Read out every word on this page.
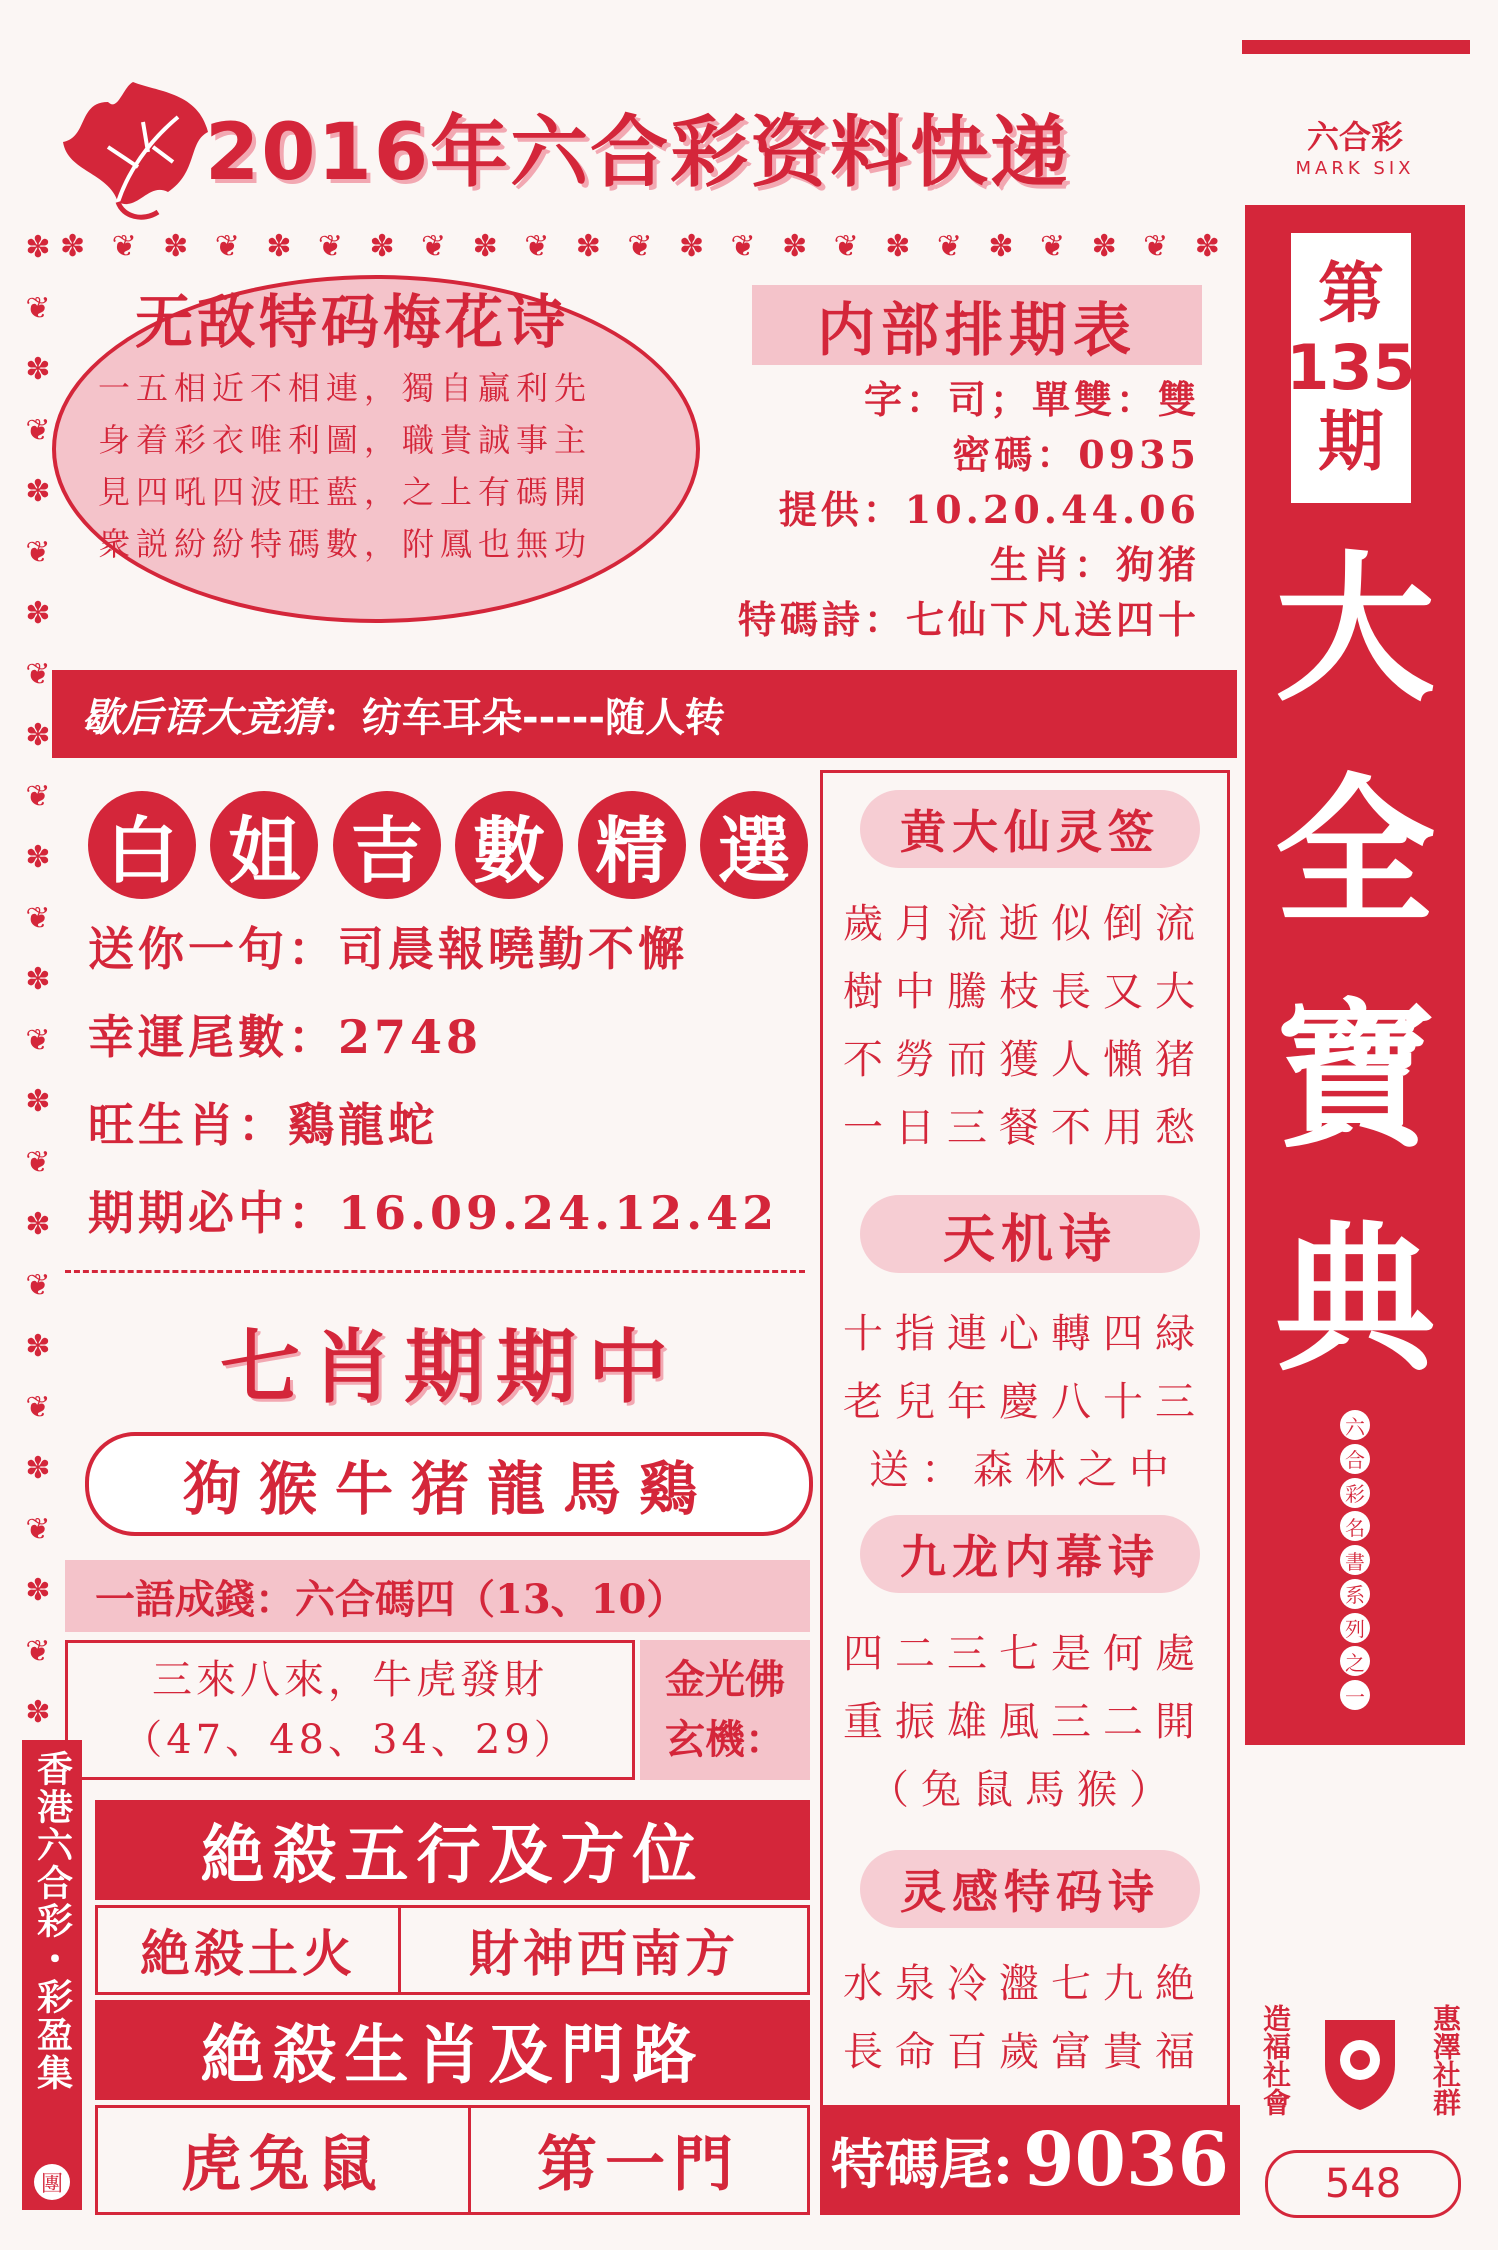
2016年六合彩资料快递	六合彩
MARK SIX
第
135
期
大
全
寶
典
六
合
彩
名
書
系
列
之
一
造福社會	惠澤社群
548
✽ ❦ ✽ ❦ ✽ ❦ ✽ ❦ ✽ ❦ ✽ ❦ ✽ ❦ ✽ ❦ ✽ ❦ ✽ ❦ ✽ ❦ ✽
✽
❦
✽
❦
✽
❦
✽
❦
✽
❦
✽
❦
✽
❦
✽
❦
✽
❦
✽
❦
✽
❦
✽
❦
✽
无敌特码梅花诗
一五相近不相連，獨自贏利先
身着彩衣唯利圖，職貴誠事主
見四吼四波旺藍，之上有碼開
衆説紛紛特碼數，附鳳也無功
内部排期表
字：司；單雙：雙
密碼：0935
提供：10.20.44.06
生肖：狗猪
特碼詩：七仙下凡送四十
歇后语大竞猜 ：纺车耳朵-----随人转
白 姐 吉 數 精 選
送你一句：司晨報曉勤不懈
幸運尾數：2748
旺生肖：鷄龍蛇
期期必中：16.09.24.12.42
七肖期期中
狗猴牛猪龍馬鷄
一語成錢：六合碼四（13、10）
三來八來，牛虎發財
（47、48、34、29）
金光佛
玄機：
絶殺五行及方位
絶殺土火 財神西南方
絶殺生肖及門路
虎兔鼠	第一門
香港六合彩・彩盈集
團
黄大仙灵签
歲月流逝似倒流
樹中騰枝長又大
不勞而獲人懶猪
一日三餐不用愁
天机诗
十指連心轉四緑
老兒年慶八十三
送：森林之中
九龙内幕诗
四二三七是何處
重振雄風三二開
（兔鼠馬猴）
灵感特码诗
水泉冷瀊七九絶
長命百歲富貴福
特碼尾: 9036
